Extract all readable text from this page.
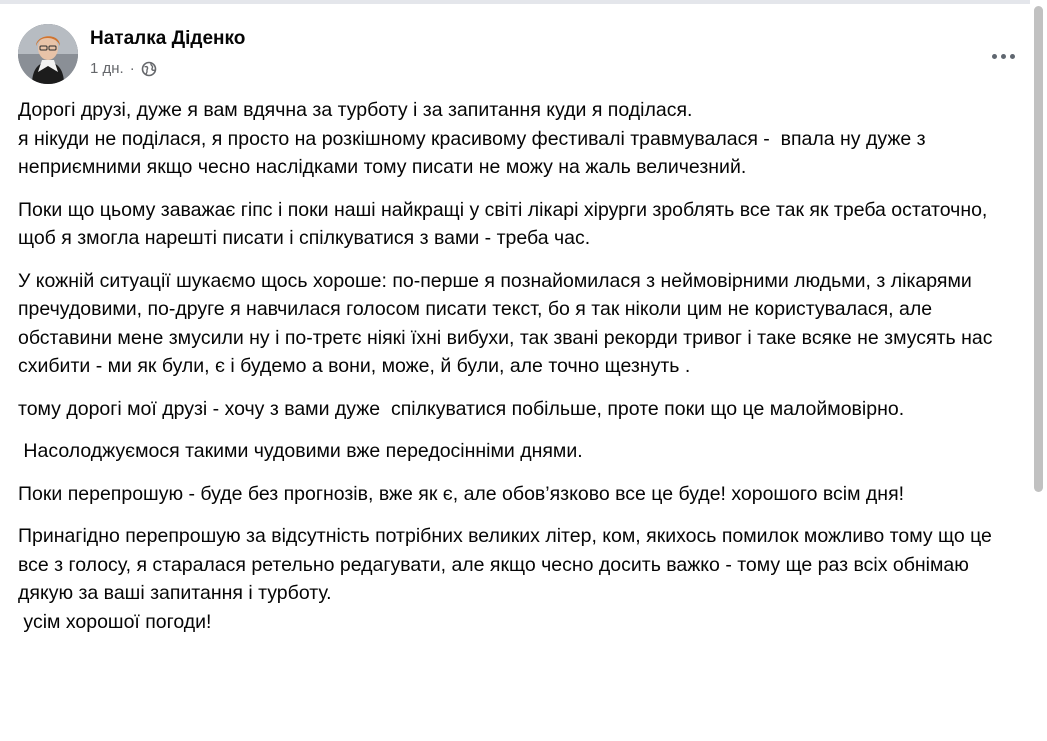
Наталка Діденко
1 дн. ·

Дорогі друзі, дуже я вам вдячна за турботу і за запитання куди я поділася.
я нікуди не поділася, я просто на розкішному красивому фестивалі травмувалася -  впала ну дуже з неприємними якщо чесно наслідками тому писати не можу на жаль величезний.

Поки що цьому заважає гіпс і поки наші найкращі у світі лікарі хірурги зроблять все так як треба остаточно, щоб я змогла нарешті писати і спілкуватися з вами - треба час.

У кожній ситуації шукаємо щось хороше: по-перше я познайомилася з неймовірними людьми, з лікарями пречудовими, по-друге я навчилася голосом писати текст, бо я так ніколи цим не користувалася, але обставини мене змусили ну і по-третє ніякі їхні вибухи, так звані рекорди тривог і таке всяке не змусять нас схибити - ми як були, є і будемо а вони, може, й були, але точно щезнуть .

тому дорогі мої друзі - хочу з вами дуже  спілкуватися побільше, проте поки що це малоймовірно.

Насолоджуємося такими чудовими вже передосінніми днями.

Поки перепрошую - буде без прогнозів, вже як є, але обов’язково все це буде! хорошого всім дня!

Принагідно перепрошую за відсутність потрібних великих літер, ком, якихось помилок можливо тому що це все з голосу, я старалася ретельно редагувати, але якщо чесно досить важко - тому ще раз всіх обнімаю дякую за ваші запитання і турботу.
усім хорошої погоди!
